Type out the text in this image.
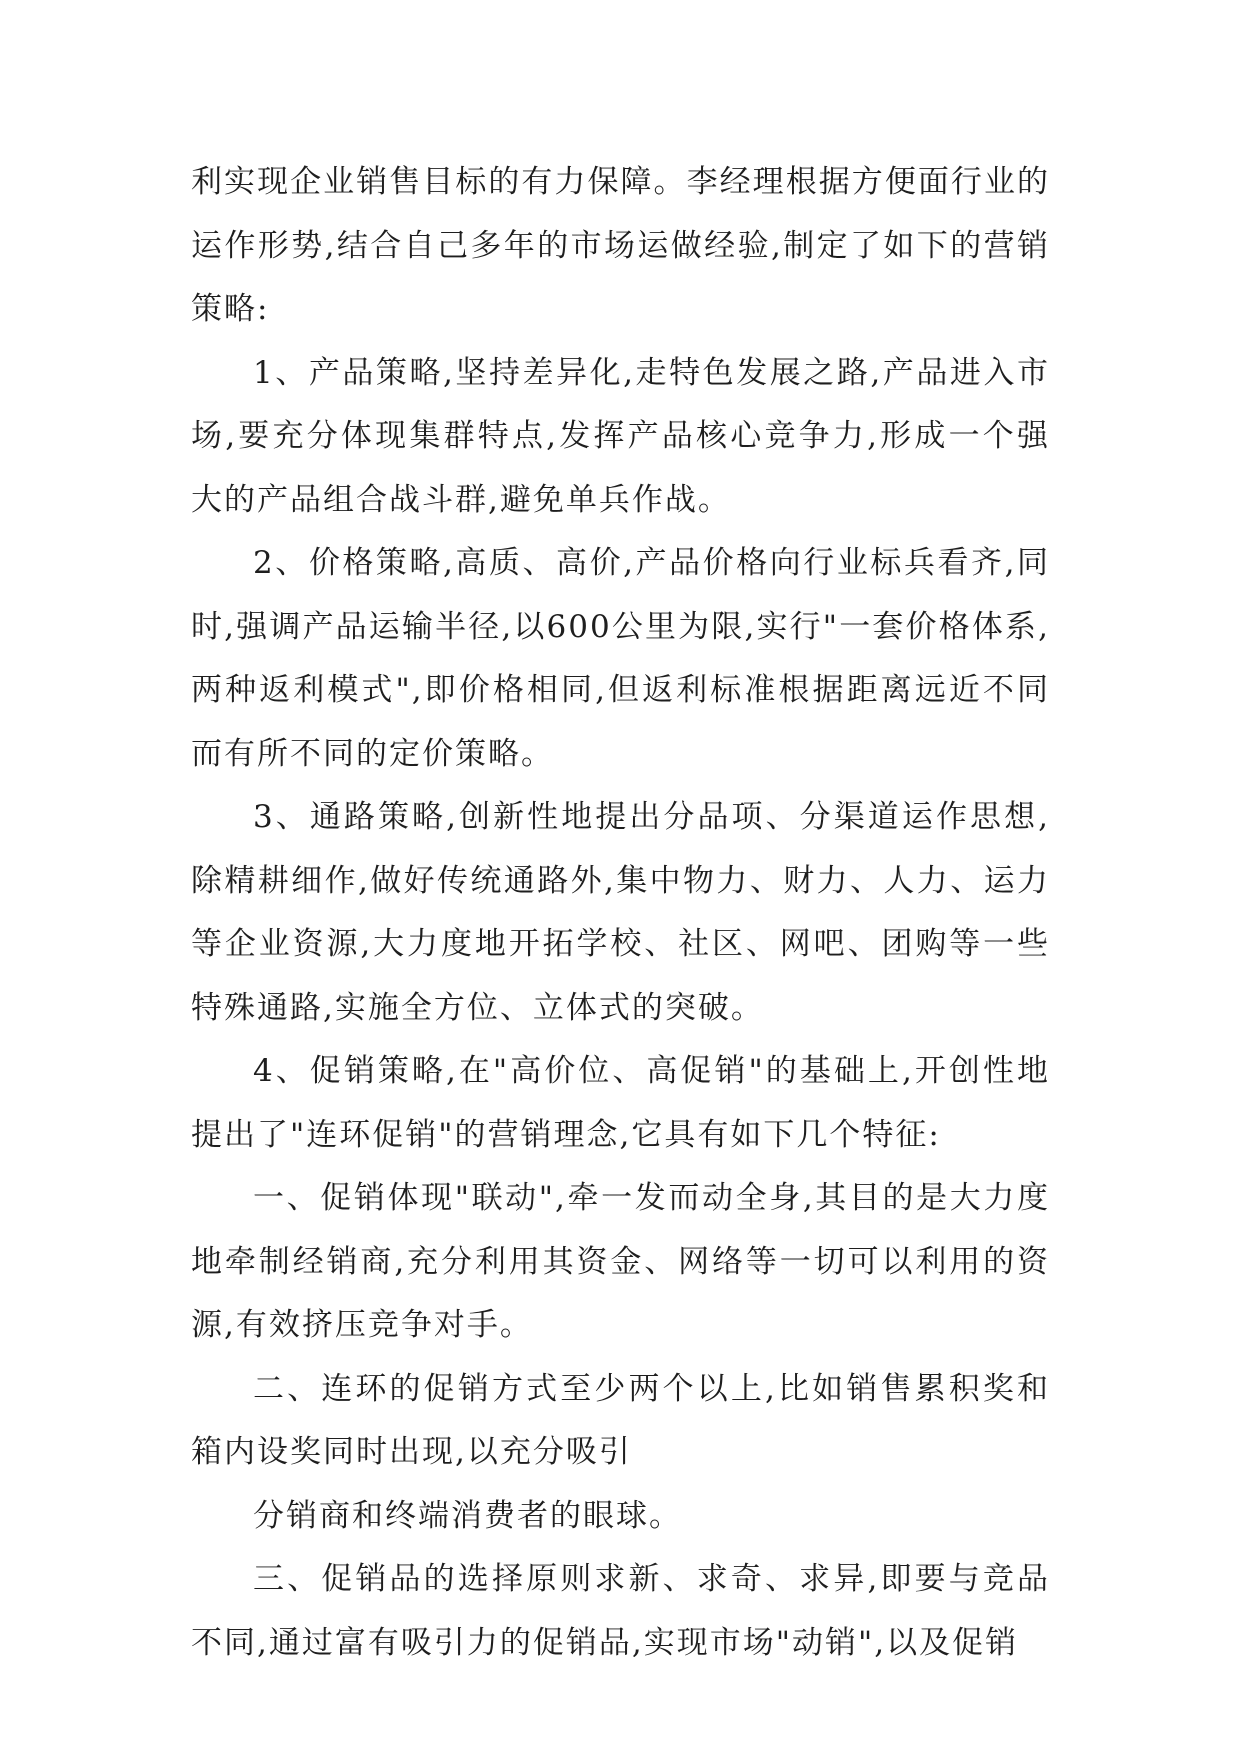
利实现企业销售目标的有力保障。李经理根据方便面行业的运作形势,结合自己多年的市场运做经验,制定了如下的营销策略:

1、产品策略,坚持差异化,走特色发展之路,产品进入市场,要充分体现集群特点,发挥产品核心竞争力,形成一个强大的产品组合战斗群,避免单兵作战。

2、价格策略,高质、高价,产品价格向行业标兵看齐,同时,强调产品运输半径,以600公里为限,实行"一套价格体系,两种返利模式",即价格相同,但返利标准根据距离远近不同而有所不同的定价策略。

3、通路策略,创新性地提出分品项、分渠道运作思想,除精耕细作,做好传统通路外,集中物力、财力、人力、运力等企业资源,大力度地开拓学校、社区、网吧、团购等一些特殊通路,实施全方位、立体式的突破。

4、促销策略,在"高价位、高促销"的基础上,开创性地提出了"连环促销"的营销理念,它具有如下几个特征:

一、促销体现"联动",牵一发而动全身,其目的是大力度地牵制经销商,充分利用其资金、网络等一切可以利用的资源,有效挤压竞争对手。

二、连环的促销方式至少两个以上,比如销售累积奖和箱内设奖同时出现,以充分吸引

分销商和终端消费者的眼球。

三、促销品的选择原则求新、求奇、求异,即要与竞品不同,通过富有吸引力的促销品,实现市场"动销",以及促销
